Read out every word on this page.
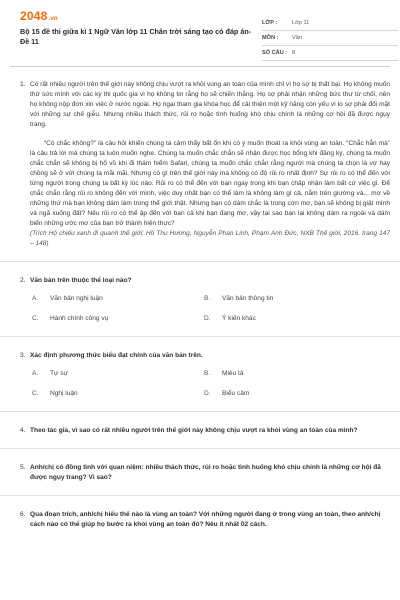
2048.vn
Bộ 15 đề thi giữa kì 1 Ngữ Văn lớp 11 Chân trời sáng tạo có đáp án- Đề 11
LỚP :	Lớp 11
MÔN :	Văn
SỐ CÂU : 8
1. Có rất nhiều người trên thế giới này không chịu vượt ra khỏi vùng an toàn của mình chỉ vì họ sợ bị thất bại. Họ không muốn thử sức mình với các kỳ thi quốc gia vì họ không tin rằng họ sẽ chiến thắng. Họ sợ phải nhận những bức thư từ chối, nên họ không nộp đơn xin việc ở nước ngoài. Họ ngại tham gia khóa học để cải thiện một kỹ năng còn yếu vì lo sợ phải đối mặt với những sự chế giễu. Nhưng nhiều thách thức, rủi ro hoặc tình huống khó chịu chính là những cơ hội đã được ngụy trang.

“Có chắc không?” là câu hỏi khiến chúng ta cảm thấy bất ổn khi có ý muốn thoát ra khỏi vùng an toàn. “Chắc hẳn mà” là câu trả lời mà chúng ta luôn muốn nghe. Chúng ta muốn chắc chắn sẽ nhận được học bổng khi đăng ký, chúng ta muốn chắc chắn sẽ không bị hổ vồ khi đi thám hiểm Safari, chúng ta muốn chắc chắn rằng người mà chúng ta chọn là vợ hay chồng sẽ ở với chúng ta mãi mãi. Nhưng có gì trên thế giới này mà không có độ rủi ro nhất định? Sự rủi ro có thể đến với từng người trong chúng ta bất kỳ lúc nào. Rủi ro có thể đến với bạn ngay trong khi bạn chấp nhận làm bất cứ việc gì. Để chắc chắn rằng rủi ro không đến với mình, việc duy nhất bạn có thể làm là không làm gì cả, nằm trên giường và... mơ về những thứ mà bạn không dám làm trong thế giới thật. Nhưng bạn có dám chắc là trong cơn mơ, bạn sẽ không bị giật mình và ngã xuống đất? Nếu rủi ro có thể ập đến với bạn cả khi bạn đang mơ, vậy tại sao bạn lại không dám ra ngoài và dám biến những ước mơ của bạn trở thành hiện thực?

(Trích Hộ chiếu xanh đi quanh thế giới; Hồ Thu Hương, Nguyễn Phan Linh, Phạm Anh Đức, NXB Thế giới, 2016, trang 147 – 148)

2. Văn bản trên thuộc thể loại nào?
A.	Văn bản nghị luận	B.	Văn bản thông tin
C.	Hành chính công vụ	D.	Ý kiến khác
3. Xác định phương thức biểu đạt chính của văn bản trên.
A.	Tự sự	B.	Miêu tả
C.	Nghị luận	D.	Biểu cảm
4. Theo tác giả, vì sao có rất nhiều người trên thế giới này không chịu vượt ra khỏi vùng an toàn của mình?
5. Anh/chị có đồng tình với quan niệm: nhiều thách thức, rủi ro hoặc tình huống khó chịu chính là những cơ hội đã được ngụy trang? Vì sao?
6. Qua đoạn trích, anh/chị hiểu thế nào là vùng an toàn? Với những người đang ở trong vùng an toàn, theo anh/chị cách nào có thể giúp họ bước ra khỏi vùng an toàn đó? Nêu ít nhất 02 cách.
